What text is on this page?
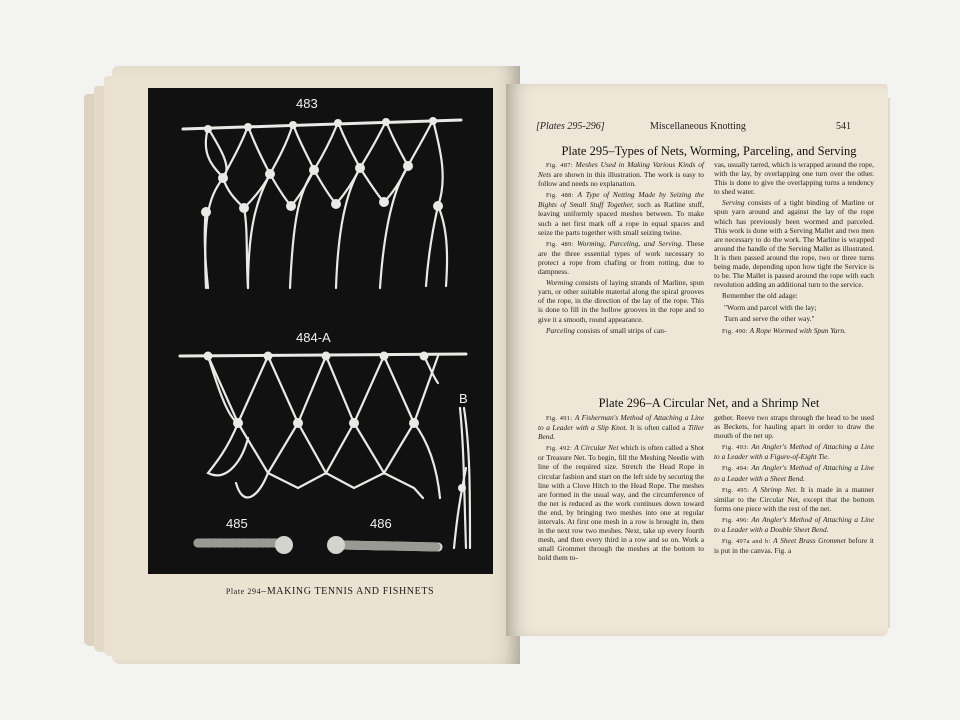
483
484-A
B
485	486
Plate 294–MAKING TENNIS AND FISHNETS
[Plates 295-296]	Miscellaneous Knotting	541
Plate 295–Types of Nets, Worming, Parceling, and Serving

Fig. 487: Meshes Used in Making Various Kinds of Nets are shown in this illustration. The work is easy to follow and needs no explanation.

Fig. 488: A Type of Netting Made by Seizing the Bights of Small Stuff Together, such as Ratline stuff, leaving uniformly spaced meshes between. To make such a net first mark off a rope in equal spaces and seize the parts together with small seizing twine.

Fig. 489: Worming, Parceling, and Serving. These are the three essential types of work necessary to protect a rope from chafing or from rotting, due to dampness.

Worming consists of laying strands of Marline, spun yarn, or other suitable material along the spiral grooves of the rope, in the direction of the lay of the rope. This is done to fill in the hollow grooves in the rope and to give it a smooth, round appearance.

Parceling consists of small strips of can-

vas, usually tarred, which is wrapped around the rope, with the lay, by overlapping one turn over the other. This is done to give the overlapping turns a tendency to shed water.

Serving consists of a tight binding of Marline or spun yarn around and against the lay of the rope which has previously been wormed and parceled. This work is done with a Serving Mallet and two men are necessary to do the work. The Marline is wrapped around the handle of the Serving Mallet as illustrated. It is then passed around the rope, two or three turns being made, depending upon how tight the Service is to be. The Mallet is passed around the rope with each revolution adding an additional turn to the service.

Remember the old adage:

"Worm and parcel with the lay;

Turn and serve the other way."

Fig. 490: A Rope Wormed with Spun Yarn.

Plate 296–A Circular Net, and a Shrimp Net

Fig. 491: A Fisherman's Method of Attaching a Line to a Leader with a Slip Knot. It is often called a Tiller Bend.

Fig. 492: A Circular Net which is often called a Shot or Treasure Net. To begin, fill the Meshing Needle with line of the required size. Stretch the Head Rope in circular fashion and start on the left side by securing the line with a Clove Hitch to the Head Rope. The meshes are formed in the usual way, and the circumference of the net is reduced as the work continues down toward the end, by bringing two meshes into one at regular intervals. At first one mesh in a row is brought in, then in the next row two meshes. Next, take up every fourth mesh, and then every third in a row and so on. Work a small Grommet through the meshes at the bottom to hold them to-

gether. Reeve two straps through the head to be used as Beckets, for hauling apart in order to draw the mouth of the net up.

Fig. 493: An Angler's Method of Attaching a Line to a Leader with a Figure-of-Eight Tie.

Fig. 494: An Angler's Method of Attaching a Line to a Leader with a Sheet Bend.

Fig. 495: A Shrimp Net. It is made in a manner similar to the Circular Net, except that the bottom forms one piece with the rest of the net.

Fig. 496: An Angler's Method of Attaching a Line to a Leader with a Double Sheet Bend.

Fig. 497a and b: A Sheet Brass Grommet before it is put in the canvas. Fig. a
